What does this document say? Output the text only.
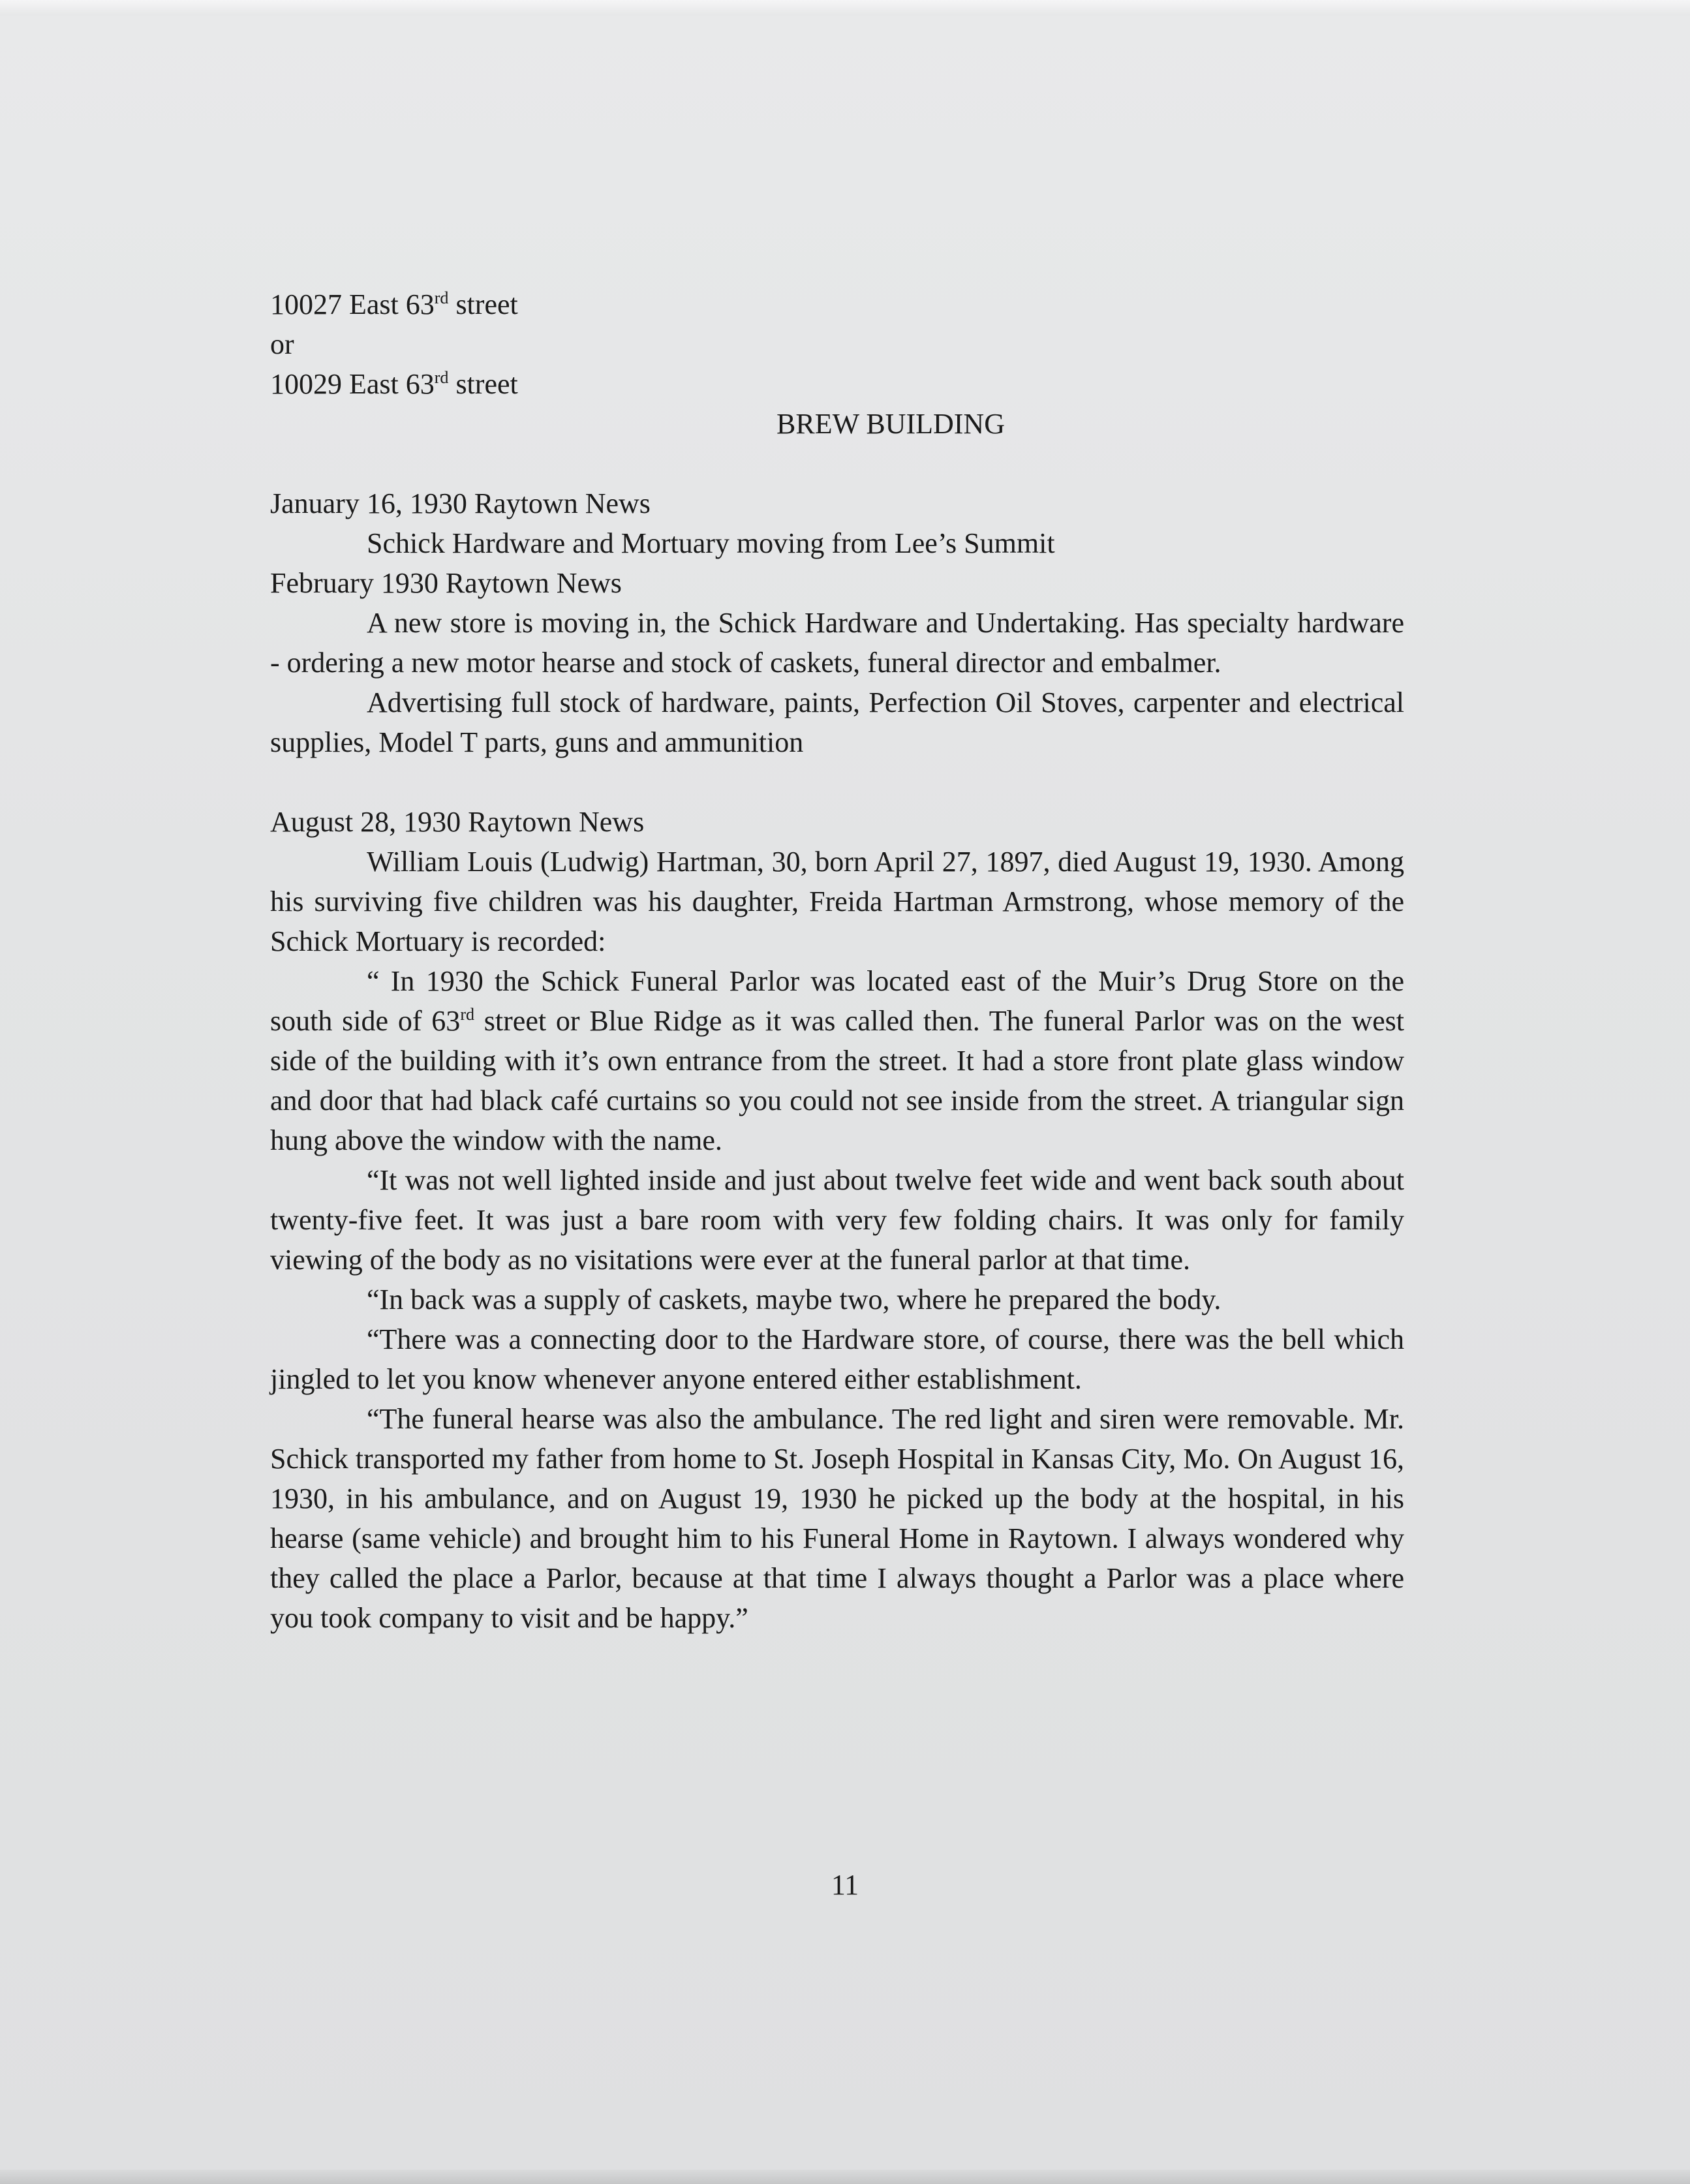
10027 East 63rd street
or
10029 East 63rd street
BREW BUILDING
January 16, 1930 Raytown News

Schick Hardware and Mortuary moving from Lee’s Summit

February 1930 Raytown News

A new store is moving in, the Schick Hardware and Undertaking. Has specialty hardware - ordering a new motor hearse and stock of caskets, funeral director and embalmer.

Advertising full stock of hardware, paints, Perfection Oil Stoves, carpenter and electrical supplies, Model T parts, guns and ammunition

August 28, 1930 Raytown News

William Louis (Ludwig) Hartman, 30, born April 27, 1897, died August 19, 1930. Among his surviving five children was his daughter, Freida Hartman Armstrong, whose memory of the Schick Mortuary is recorded:

“ In 1930 the Schick Funeral Parlor was located east of the Muir’s Drug Store on the south side of 63rd street or Blue Ridge as it was called then. The funeral Parlor was on the west side of the building with it’s own entrance from the street. It had a store front plate glass window and door that had black café curtains so you could not see inside from the street. A triangular sign hung above the window with the name.

“It was not well lighted inside and just about twelve feet wide and went back south about twenty-five feet. It was just a bare room with very few folding chairs. It was only for family viewing of the body as no visitations were ever at the funeral parlor at that time.

“In back was a supply of caskets, maybe two, where he prepared the body.

“There was a connecting door to the Hardware store, of course, there was the bell which jingled to let you know whenever anyone entered either establishment.

“The funeral hearse was also the ambulance. The red light and siren were removable. Mr. Schick transported my father from home to St. Joseph Hospital in Kansas City, Mo. On August 16, 1930, in his ambulance, and on August 19, 1930 he picked up the body at the hospital, in his hearse (same vehicle) and brought him to his Funeral Home in Raytown. I always wondered why they called the place a Parlor, because at that time I always thought a Parlor was a place where you took company to visit and be happy.”

11
